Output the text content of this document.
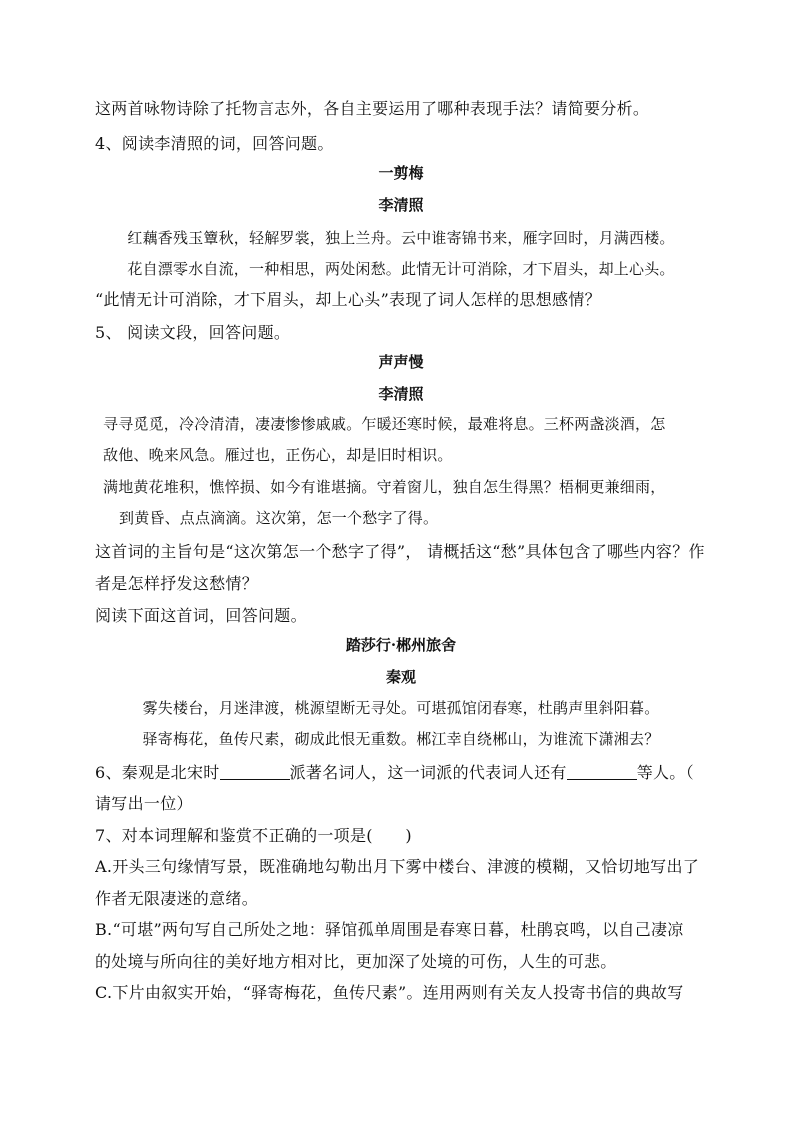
这两首咏物诗除了托物言志外，各自主要运用了哪种表现手法？请简要分析。
4、阅读李清照的词，回答问题。
一剪梅
李清照
红藕香残玉簟秋，轻解罗裳，独上兰舟。云中谁寄锦书来，雁字回时，月满西楼。
花自漂零水自流，一种相思，两处闲愁。此情无计可消除，才下眉头，却上心头。
“此情无计可消除，才下眉头，却上心头”表现了词人怎样的思想感情？
5、 阅读文段，回答问题。
声声慢
李清照
寻寻觅觅，冷冷清清，凄凄惨惨戚戚。乍暖还寒时候，最难将息。三杯两盏淡酒，怎
敌他、晚来风急。雁过也，正伤心，却是旧时相识。
满地黄花堆积，憔悴损、如今有谁堪摘。守着窗儿，独自怎生得黑？梧桐更兼细雨，
到黄昏、点点滴滴。这次第，怎一个愁字了得。
这首词的主旨句是“这次第怎一个愁字了得”， 请概括这“愁”具体包含了哪些内容？作
者是怎样抒发这愁情？
阅读下面这首词，回答问题。
踏莎行·郴州旅舍
秦观
雾失楼台，月迷津渡，桃源望断无寻处。可堪孤馆闭春寒，杜鹃声里斜阳暮。
驿寄梅花，鱼传尺素，砌成此恨无重数。郴江幸自绕郴山，为谁流下潇湘去？
6、秦观是北宋时	派著名词人，这一词派的代表词人还有	等人。（
请写出一位）
7、对本词理解和鉴赏不正确的一项是(　　)
A.开头三句缘情写景，既准确地勾勒出月下雾中楼台、津渡的模糊，又恰切地写出了
作者无限凄迷的意绪。
B.“可堪”两句写自己所处之地：驿馆孤单周围是春寒日暮，杜鹃哀鸣，以自己凄凉
的处境与所向往的美好地方相对比，更加深了处境的可伤，人生的可悲。
C.下片由叙实开始，“驿寄梅花，鱼传尺素”。连用两则有关友人投寄书信的典故写
